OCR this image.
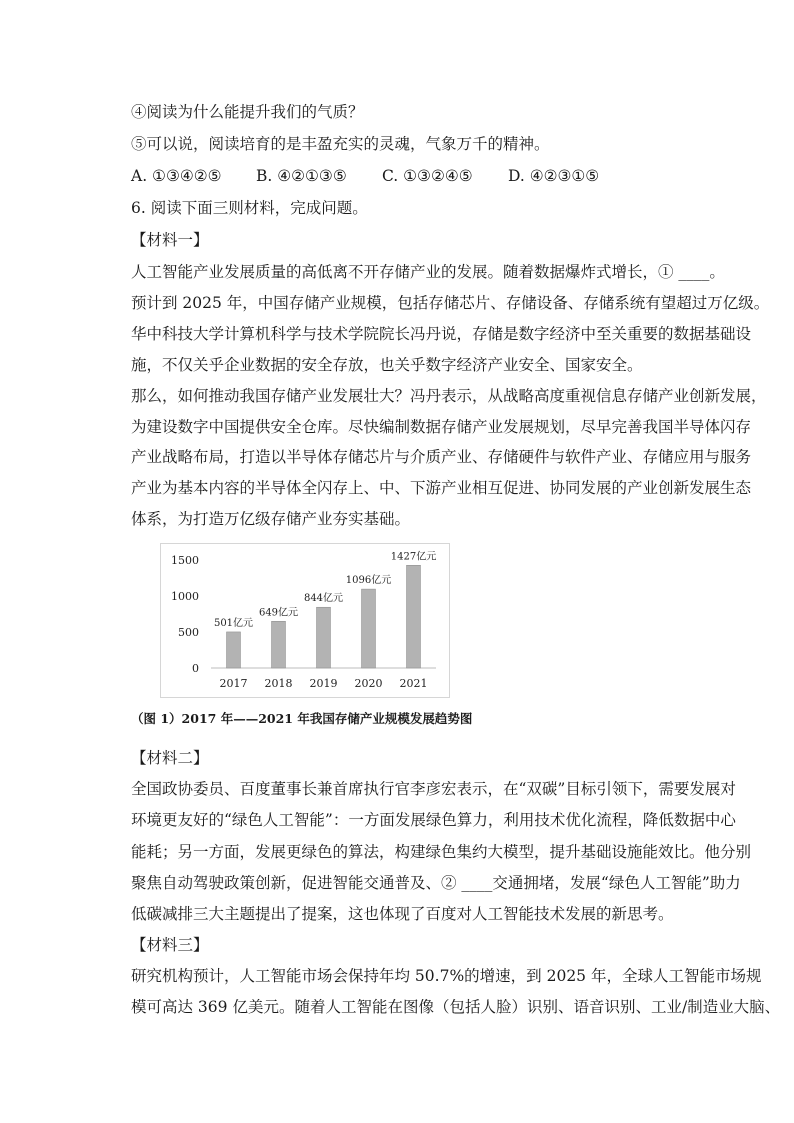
④阅读为什么能提升我们的气质？
⑤可以说，阅读培育的是丰盈充实的灵魂，气象万千的精神。
A. ①③④②⑤ B. ④②①③⑤ C. ①③②④⑤ D. ④②③①⑤
6. 阅读下面三则材料，完成问题。
【材料一】
人工智能产业发展质量的高低离不开存储产业的发展。随着数据爆炸式增长，① ____。
预计到 2025 年，中国存储产业规模，包括存储芯片、存储设备、存储系统有望超过万亿级。
华中科技大学计算机科学与技术学院院长冯丹说，存储是数字经济中至关重要的数据基础设
施，不仅关乎企业数据的安全存放，也关乎数字经济产业安全、国家安全。
那么，如何推动我国存储产业发展壮大？冯丹表示，从战略高度重视信息存储产业创新发展，
为建设数字中国提供安全仓库。尽快编制数据存储产业发展规划，尽早完善我国半导体闪存
产业战略布局，打造以半导体存储芯片与介质产业、存储硬件与软件产业、存储应用与服务
产业为基本内容的半导体全闪存上、中、下游产业相互促进、协同发展的产业创新发展生态
体系，为打造万亿级存储产业夯实基础。
0
500
1000
1500
501亿元
2017
649亿元
2018
844亿元
2019
1096亿元
2020
1427亿元
2021
（图 1）2017 年——2021 年我国存储产业规模发展趋势图
【材料二】
全国政协委员、百度董事长兼首席执行官李彦宏表示，在“双碳”目标引领下，需要发展对
环境更友好的“绿色人工智能”：一方面发展绿色算力，利用技术优化流程，降低数据中心
能耗；另一方面，发展更绿色的算法，构建绿色集约大模型，提升基础设施能效比。他分别
聚焦自动驾驶政策创新，促进智能交通普及、② ____交通拥堵，发展“绿色人工智能”助力
低碳减排三大主题提出了提案，这也体现了百度对人工智能技术发展的新思考。
【材料三】
研究机构预计，人工智能市场会保持年均 50.7%的增速，到 2025 年，全球人工智能市场规
模可高达 369 亿美元。随着人工智能在图像（包括人脸）识别、语音识别、工业/制造业大脑、
